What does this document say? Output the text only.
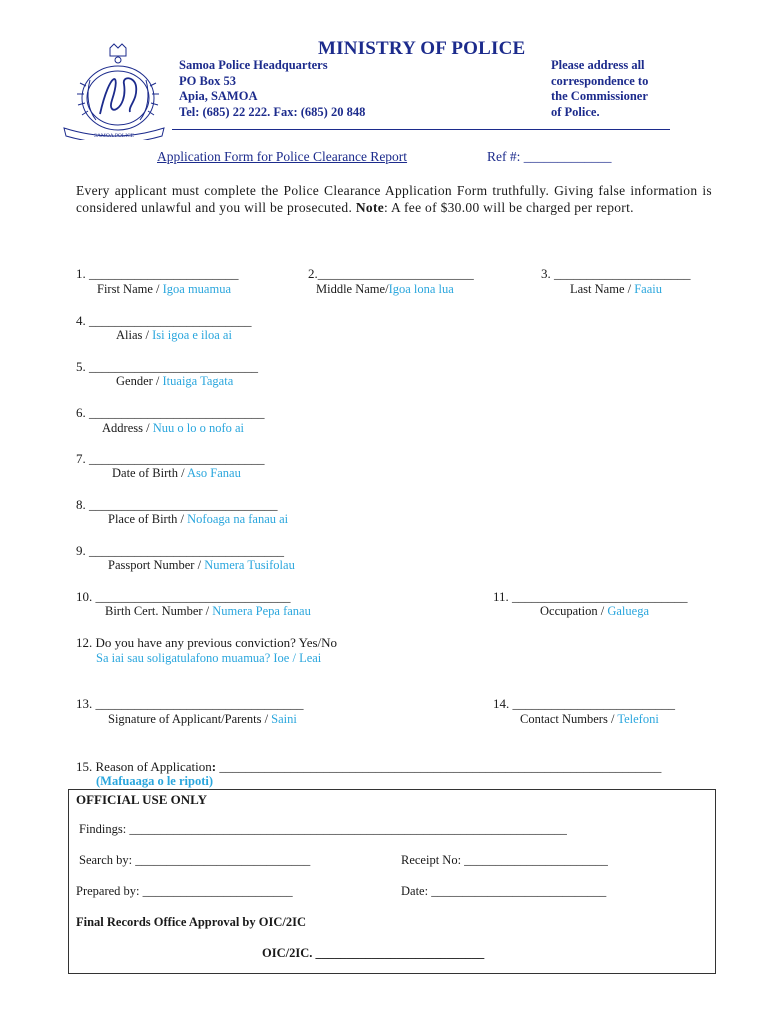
SAMOA POLICE
MINISTRY OF POLICE
Samoa Police Headquarters
PO Box 53
Apia, SAMOA
Tel: (685) 22 222. Fax: (685) 20 848
Please address all
correspondence to
the Commissioner
of Police.
Application Form for Police Clearance Report	Ref #: _____________
Every applicant must complete the Police Clearance Application Form truthfully. Giving false information is considered unlawful and you will be prosecuted. Note: A fee of $30.00 will be charged per report.
1. _______________________
First Name / Igoa muamua
2.________________________
Middle Name/Igoa lona lua
3. _____________________
Last Name / Faaiu
4. _________________________
Alias / Isi igoa e iloa ai
5. __________________________
Gender / Ituaiga Tagata
6. ___________________________
Address / Nuu o lo o nofo ai
7. ___________________________
Date of Birth / Aso Fanau
8. _____________________________
Place of Birth / Nofoaga na fanau ai
9. ______________________________
Passport Number / Numera Tusifolau
10. ______________________________
Birth Cert. Number / Numera Pepa fanau
11. ___________________________
Occupation / Galuega
12. Do you have any previous conviction? Yes/No
Sa iai sau soligatulafono muamua? Ioe / Leai
13. ________________________________
Signature of Applicant/Parents / Saini
14. _________________________
Contact Numbers / Telefoni
15. Reason of Application: ____________________________________________________________________
(Mafuaaga o le ripoti)
OFFICIAL USE ONLY
Findings: ______________________________________________________________________
Search by: ____________________________	Receipt No: _______________________
Prepared by: ________________________	Date: ____________________________
Final Records Office Approval by OIC/2IC
OIC/2IC. ___________________________
